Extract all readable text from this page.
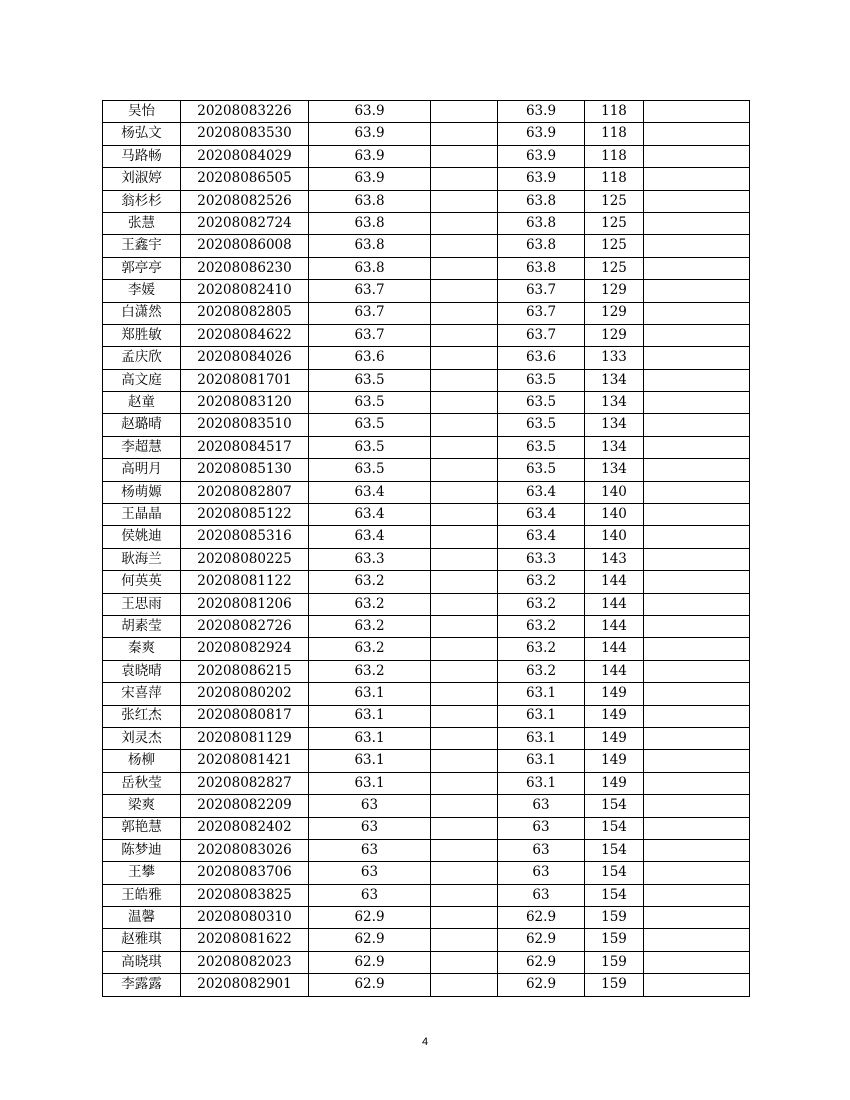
吴怡	20208083226	63.9		63.9	118	
杨弘文	20208083530	63.9		63.9	118	
马路畅	20208084029	63.9		63.9	118	
刘淑婷	20208086505	63.9		63.9	118	
翁杉杉	20208082526	63.8		63.8	125	
张慧	20208082724	63.8		63.8	125	
王鑫宇	20208086008	63.8		63.8	125	
郭亭亭	20208086230	63.8		63.8	125	
李媛	20208082410	63.7		63.7	129	
白潇然	20208082805	63.7		63.7	129	
郑胜敏	20208084622	63.7		63.7	129	
孟庆欣	20208084026	63.6		63.6	133	
高文庭	20208081701	63.5		63.5	134	
赵童	20208083120	63.5		63.5	134	
赵璐晴	20208083510	63.5		63.5	134	
李超慧	20208084517	63.5		63.5	134	
高明月	20208085130	63.5		63.5	134	
杨萌嫄	20208082807	63.4		63.4	140	
王晶晶	20208085122	63.4		63.4	140	
侯姚迪	20208085316	63.4		63.4	140	
耿海兰	20208080225	63.3		63.3	143	
何英英	20208081122	63.2		63.2	144	
王思雨	20208081206	63.2		63.2	144	
胡素莹	20208082726	63.2		63.2	144	
秦爽	20208082924	63.2		63.2	144	
袁晓晴	20208086215	63.2		63.2	144	
宋喜萍	20208080202	63.1		63.1	149	
张红杰	20208080817	63.1		63.1	149	
刘灵杰	20208081129	63.1		63.1	149	
杨柳	20208081421	63.1		63.1	149	
岳秋莹	20208082827	63.1		63.1	149	
梁爽	20208082209	63		63	154	
郭艳慧	20208082402	63		63	154	
陈梦迪	20208083026	63		63	154	
王攀	20208083706	63		63	154	
王皓雅	20208083825	63		63	154	
温馨	20208080310	62.9		62.9	159	
赵雅琪	20208081622	62.9		62.9	159	
高晓琪	20208082023	62.9		62.9	159	
李露露	20208082901	62.9		62.9	159	
4
